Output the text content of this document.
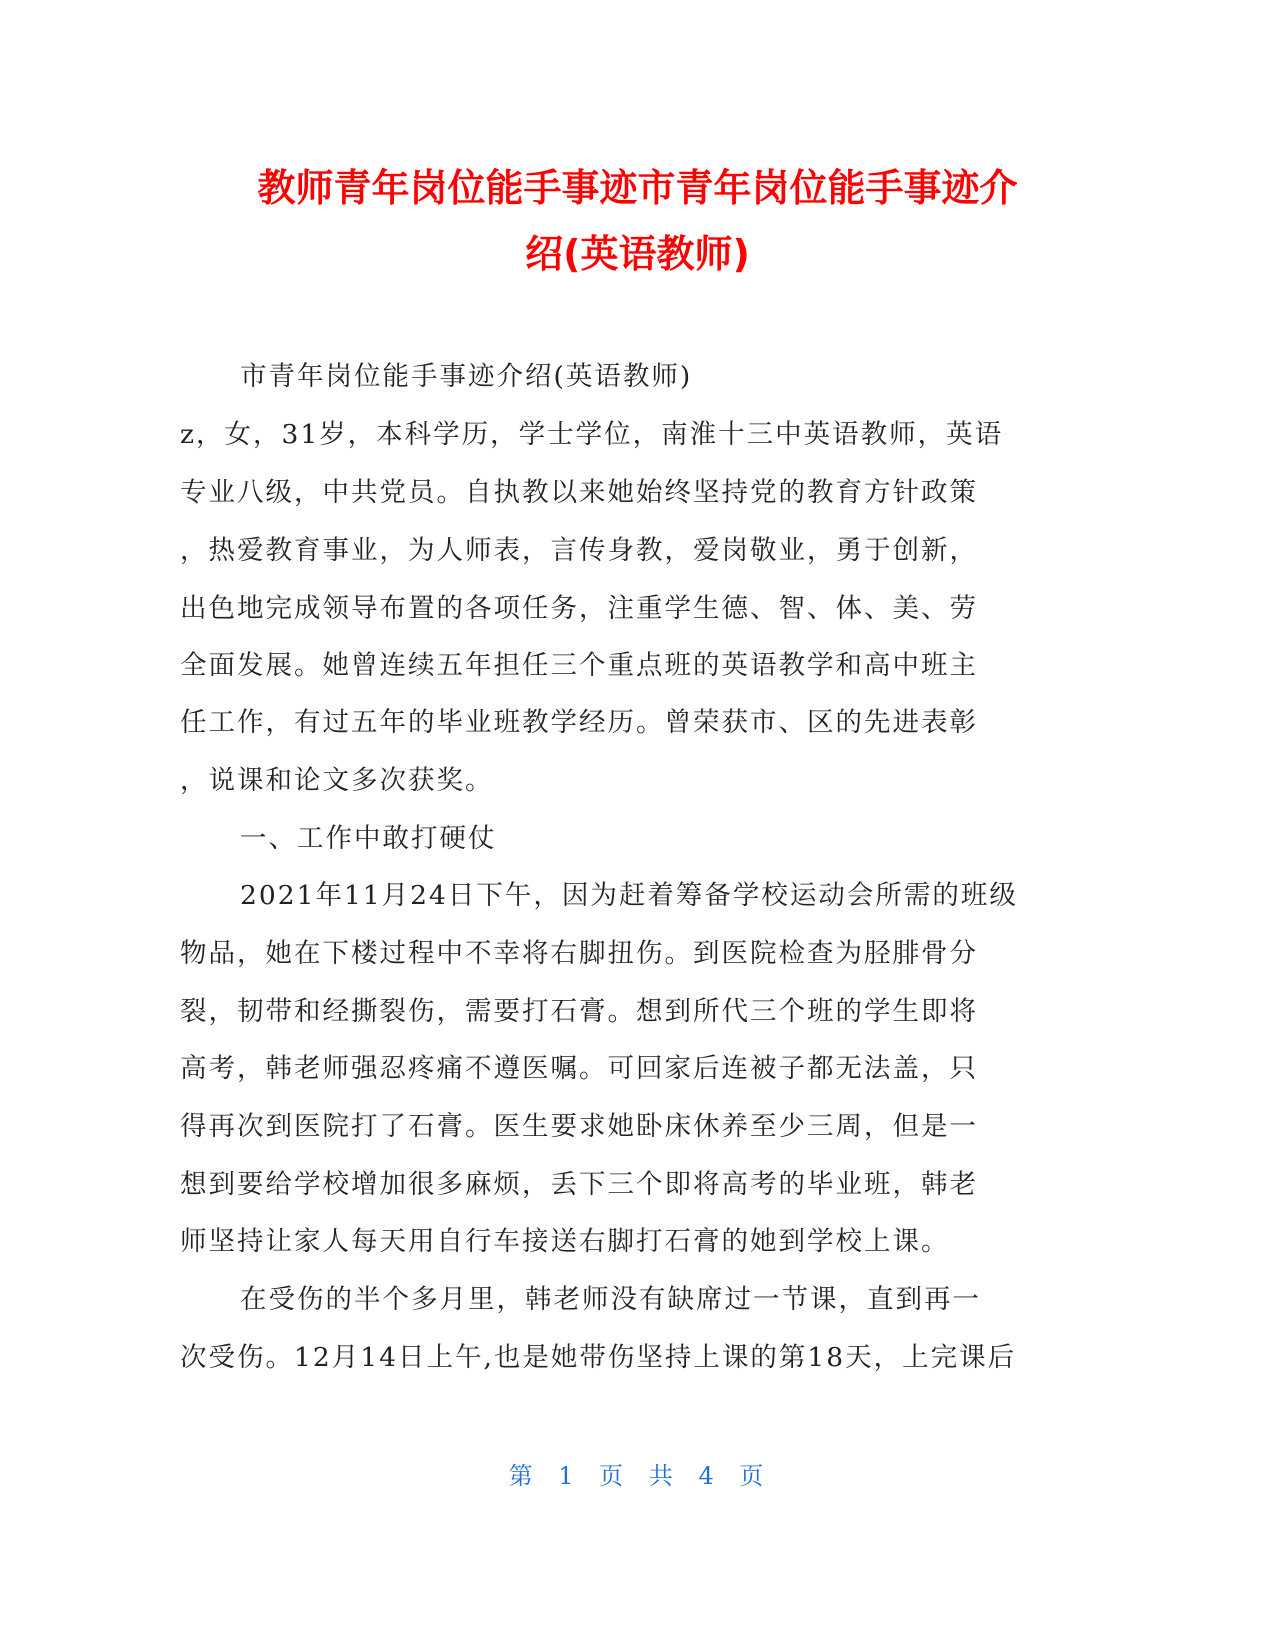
教师青年岗位能手事迹市青年岗位能手事迹介
绍(英语教师)
市青年岗位能手事迹介绍(英语教师)
z，女，31岁，本科学历，学士学位，南淮十三中英语教师，英语
专业八级，中共党员。自执教以来她始终坚持党的教育方针政策
，热爱教育事业，为人师表，言传身教，爱岗敬业，勇于创新，
出色地完成领导布置的各项任务，注重学生德、智、体、美、劳
全面发展。她曾连续五年担任三个重点班的英语教学和高中班主
任工作，有过五年的毕业班教学经历。曾荣获市、区的先进表彰
，说课和论文多次获奖。
一、工作中敢打硬仗
2021年11月24日下午，因为赶着筹备学校运动会所需的班级
物品，她在下楼过程中不幸将右脚扭伤。到医院检查为胫腓骨分
裂，韧带和经撕裂伤，需要打石膏。想到所代三个班的学生即将
高考，韩老师强忍疼痛不遵医嘱。可回家后连被子都无法盖，只
得再次到医院打了石膏。医生要求她卧床休养至少三周，但是一
想到要给学校增加很多麻烦，丢下三个即将高考的毕业班，韩老
师坚持让家人每天用自行车接送右脚打石膏的她到学校上课。
在受伤的半个多月里，韩老师没有缺席过一节课，直到再一
次受伤。12月14日上午,也是她带伤坚持上课的第18天，上完课后
第 1 页 共 4 页
